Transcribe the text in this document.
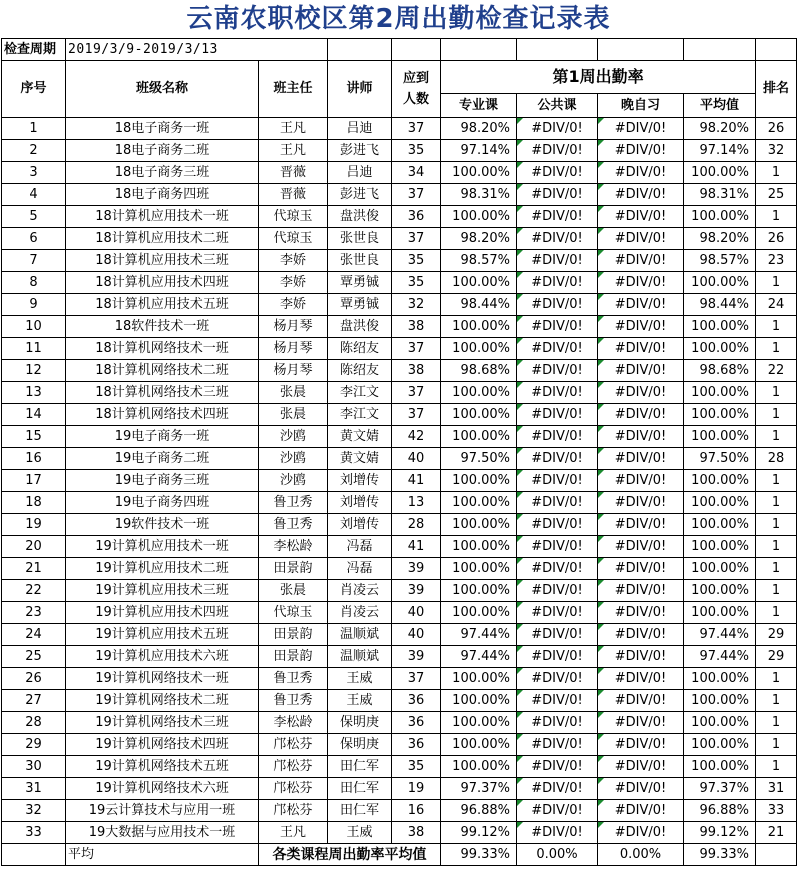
云南农职校区第2周出勤检查记录表
检查周期	2019/3/9-2019/3/13								
序号	班级名称	班主任	讲师	应到
人数	第1周出勤率				排名
					专业课	公共课	晚自习	平均值	
1	18电子商务一班	王凡	吕迪	37	98.20%	#DIV/0!	#DIV/0!	98.20%	26
2	18电子商务二班	王凡	彭进飞	35	97.14%	#DIV/0!	#DIV/0!	97.14%	32
3	18电子商务三班	晋薇	吕迪	34	100.00%	#DIV/0!	#DIV/0!	100.00%	1
4	18电子商务四班	晋薇	彭进飞	37	98.31%	#DIV/0!	#DIV/0!	98.31%	25
5	18计算机应用技术一班	代琼玉	盘洪俊	36	100.00%	#DIV/0!	#DIV/0!	100.00%	1
6	18计算机应用技术二班	代琼玉	张世良	37	98.20%	#DIV/0!	#DIV/0!	98.20%	26
7	18计算机应用技术三班	李娇	张世良	35	98.57%	#DIV/0!	#DIV/0!	98.57%	23
8	18计算机应用技术四班	李娇	覃勇铖	35	100.00%	#DIV/0!	#DIV/0!	100.00%	1
9	18计算机应用技术五班	李娇	覃勇铖	32	98.44%	#DIV/0!	#DIV/0!	98.44%	24
10	18软件技术一班	杨月琴	盘洪俊	38	100.00%	#DIV/0!	#DIV/0!	100.00%	1
11	18计算机网络技术一班	杨月琴	陈绍友	37	100.00%	#DIV/0!	#DIV/0!	100.00%	1
12	18计算机网络技术二班	杨月琴	陈绍友	38	98.68%	#DIV/0!	#DIV/0!	98.68%	22
13	18计算机网络技术三班	张晨	李江文	37	100.00%	#DIV/0!	#DIV/0!	100.00%	1
14	18计算机网络技术四班	张晨	李江文	37	100.00%	#DIV/0!	#DIV/0!	100.00%	1
15	19电子商务一班	沙鸥	黄文婧	42	100.00%	#DIV/0!	#DIV/0!	100.00%	1
16	19电子商务二班	沙鸥	黄文婧	40	97.50%	#DIV/0!	#DIV/0!	97.50%	28
17	19电子商务三班	沙鸥	刘增传	41	100.00%	#DIV/0!	#DIV/0!	100.00%	1
18	19电子商务四班	鲁卫秀	刘增传	13	100.00%	#DIV/0!	#DIV/0!	100.00%	1
19	19软件技术一班	鲁卫秀	刘增传	28	100.00%	#DIV/0!	#DIV/0!	100.00%	1
20	19计算机应用技术一班	李松龄	冯磊	41	100.00%	#DIV/0!	#DIV/0!	100.00%	1
21	19计算机应用技术二班	田景韵	冯磊	39	100.00%	#DIV/0!	#DIV/0!	100.00%	1
22	19计算机应用技术三班	张晨	肖凌云	39	100.00%	#DIV/0!	#DIV/0!	100.00%	1
23	19计算机应用技术四班	代琼玉	肖凌云	40	100.00%	#DIV/0!	#DIV/0!	100.00%	1
24	19计算机应用技术五班	田景韵	温顺斌	40	97.44%	#DIV/0!	#DIV/0!	97.44%	29
25	19计算机应用技术六班	田景韵	温顺斌	39	97.44%	#DIV/0!	#DIV/0!	97.44%	29
26	19计算机网络技术一班	鲁卫秀	王威	37	100.00%	#DIV/0!	#DIV/0!	100.00%	1
27	19计算机网络技术二班	鲁卫秀	王威	36	100.00%	#DIV/0!	#DIV/0!	100.00%	1
28	19计算机网络技术三班	李松龄	保明庚	36	100.00%	#DIV/0!	#DIV/0!	100.00%	1
29	19计算机网络技术四班	邝松芬	保明庚	36	100.00%	#DIV/0!	#DIV/0!	100.00%	1
30	19计算机网络技术五班	邝松芬	田仁军	35	100.00%	#DIV/0!	#DIV/0!	100.00%	1
31	19计算机网络技术六班	邝松芬	田仁军	19	97.37%	#DIV/0!	#DIV/0!	97.37%	31
32	19云计算技术与应用一班	邝松芬	田仁军	16	96.88%	#DIV/0!	#DIV/0!	96.88%	33
33	19大数据与应用技术一班	王凡	王威	38	99.12%	#DIV/0!	#DIV/0!	99.12%	21
	平均	各类课程周出勤率平均值			99.33%	0.00%	0.00%	99.33%	
